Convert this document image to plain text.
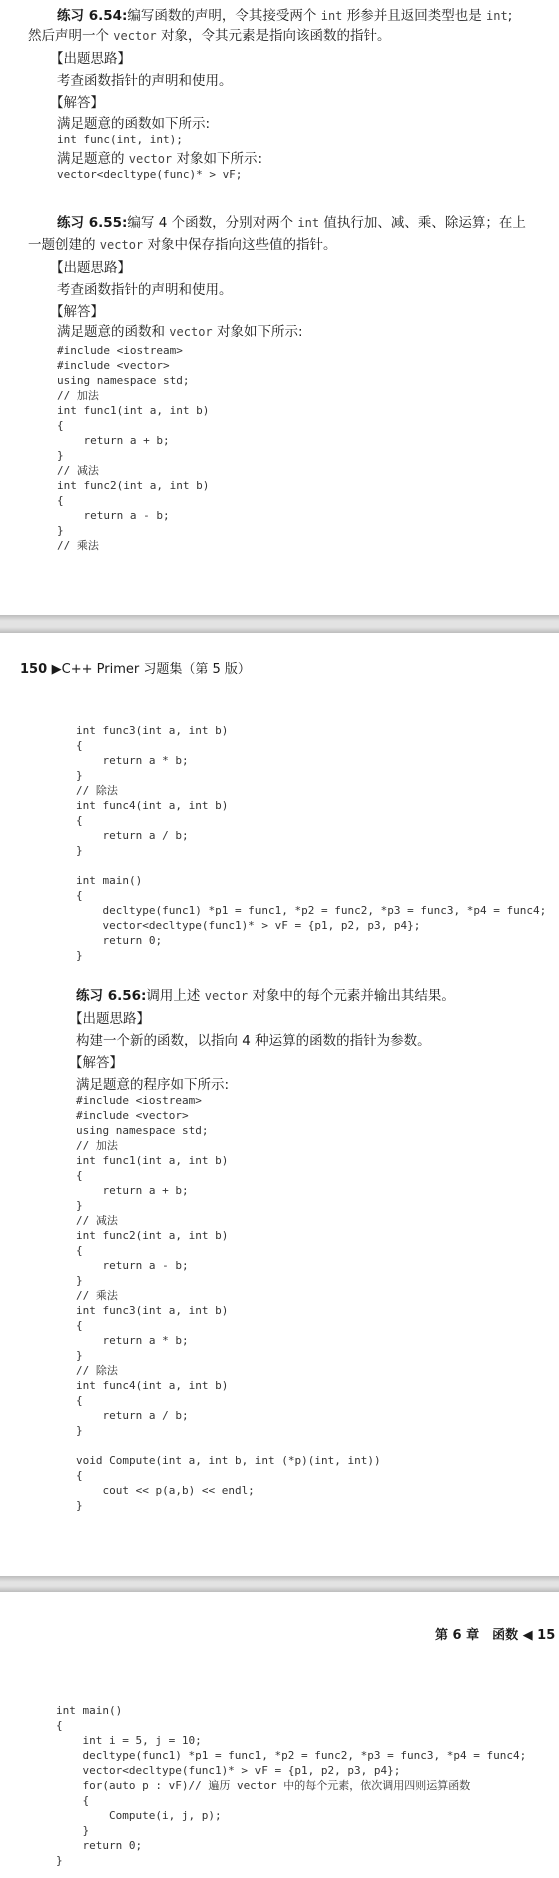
练习 6.54:编写函数的声明，令其接受两个 int 形参并且返回类型也是 int;
然后声明一个 vector 对象，令其元素是指向该函数的指针。
【出题思路】
考查函数指针的声明和使用。
【解答】
满足题意的函数如下所示:
int func(int, int);
满足题意的 vector 对象如下所示:
vector<decltype(func)* > vF;
练习 6.55:编写 4 个函数，分别对两个 int 值执行加、减、乘、除运算；在上
一题创建的 vector 对象中保存指向这些值的指针。
【出题思路】
考查函数指针的声明和使用。
【解答】
满足题意的函数和 vector 对象如下所示:
#include <iostream>
#include <vector>
using namespace std;
// 加法
int func1(int a, int b)
{
return a + b;
}
// 减法
int func2(int a, int b)
{
return a - b;
}
// 乘法
150 ▶C++ Primer 习题集（第 5 版）
int func3(int a, int b)
{
return a * b;
}
// 除法
int func4(int a, int b)
{
return a / b;
}

int main()
{
decltype(func1) *p1 = func1, *p2 = func2, *p3 = func3, *p4 = func4;
vector<decltype(func1)* > vF = {p1, p2, p3, p4};
return 0;
}
练习 6.56:调用上述 vector 对象中的每个元素并输出其结果。
【出题思路】
构建一个新的函数，以指向 4 种运算的函数的指针为参数。
【解答】
满足题意的程序如下所示:
#include <iostream>
#include <vector>
using namespace std;
// 加法
int func1(int a, int b)
{
return a + b;
}
// 减法
int func2(int a, int b)
{
return a - b;
}
// 乘法
int func3(int a, int b)
{
return a * b;
}
// 除法
int func4(int a, int b)
{
return a / b;
}

void Compute(int a, int b, int (*p)(int, int))
{
cout << p(a,b) << endl;
}
第 6 章　函数 ◀ 15
int main()
{
int i = 5, j = 10;
decltype(func1) *p1 = func1, *p2 = func2, *p3 = func3, *p4 = func4;
vector<decltype(func1)* > vF = {p1, p2, p3, p4};
for(auto p : vF)// 遍历 vector 中的每个元素，依次调用四则运算函数
{
Compute(i, j, p);
}
return 0;
}
